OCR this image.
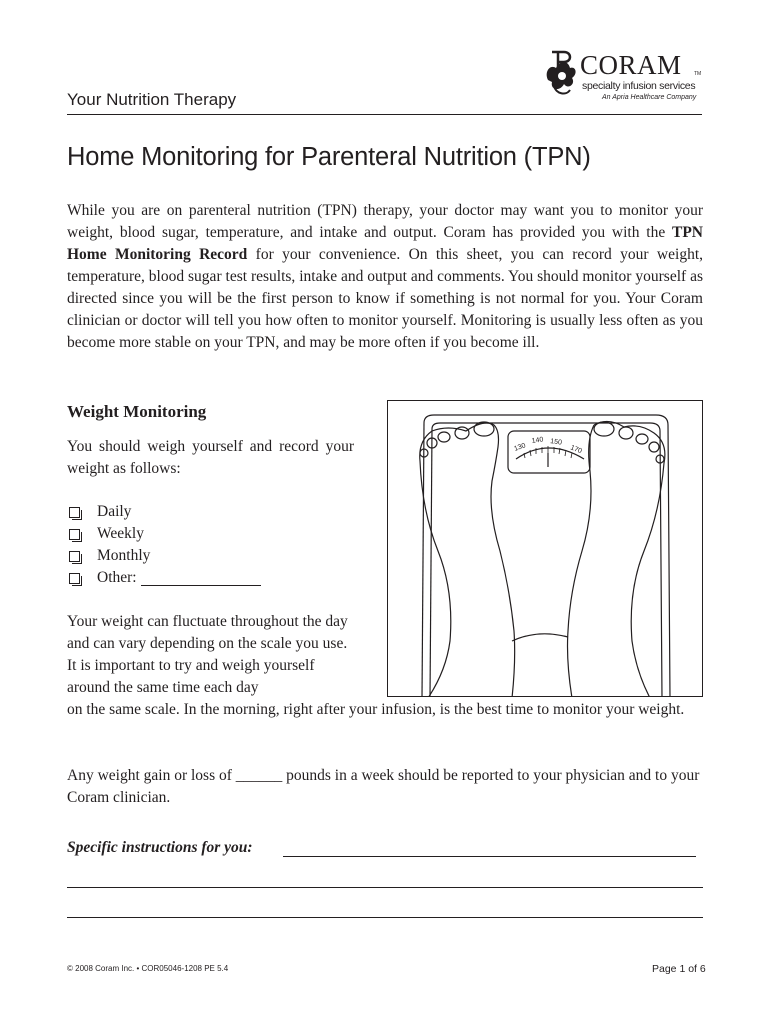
Your Nutrition Therapy
CORAM TM
specialty infusion services
An Apria Healthcare Company
Home Monitoring for Parenteral Nutrition (TPN)

While you are on parenteral nutrition (TPN) therapy, your doctor may want you to monitor your weight, blood sugar, temperature, and intake and output. Coram has provided you with the TPN Home Monitoring Record for your convenience. On this sheet, you can record your weight, temperature, blood sugar test results, intake and output and comments. You should monitor yourself as directed since you will be the first person to know if something is not normal for you. Your Coram clinician or doctor will tell you how often to monitor yourself. Monitoring is usually less often as you become more stable on your TPN, and may be more often if you become ill.

Weight Monitoring

You should weigh yourself and record your weight as follows:

Daily
Weekly
Monthly
Other:

Your weight can fluctuate throughout the day and can vary depending on the scale you use. It is important to try and weigh yourself around the same time each day

on the same scale. In the morning, right after your infusion, is the best time to monitor your weight.

Any weight gain or loss of ______ pounds in a week should be reported to your physician and to your Coram clinician.

Specific instructions for you:
130
140 150
170
© 2008 Coram Inc. • COR05046-1208 PE 5.4	Page 1 of 6
